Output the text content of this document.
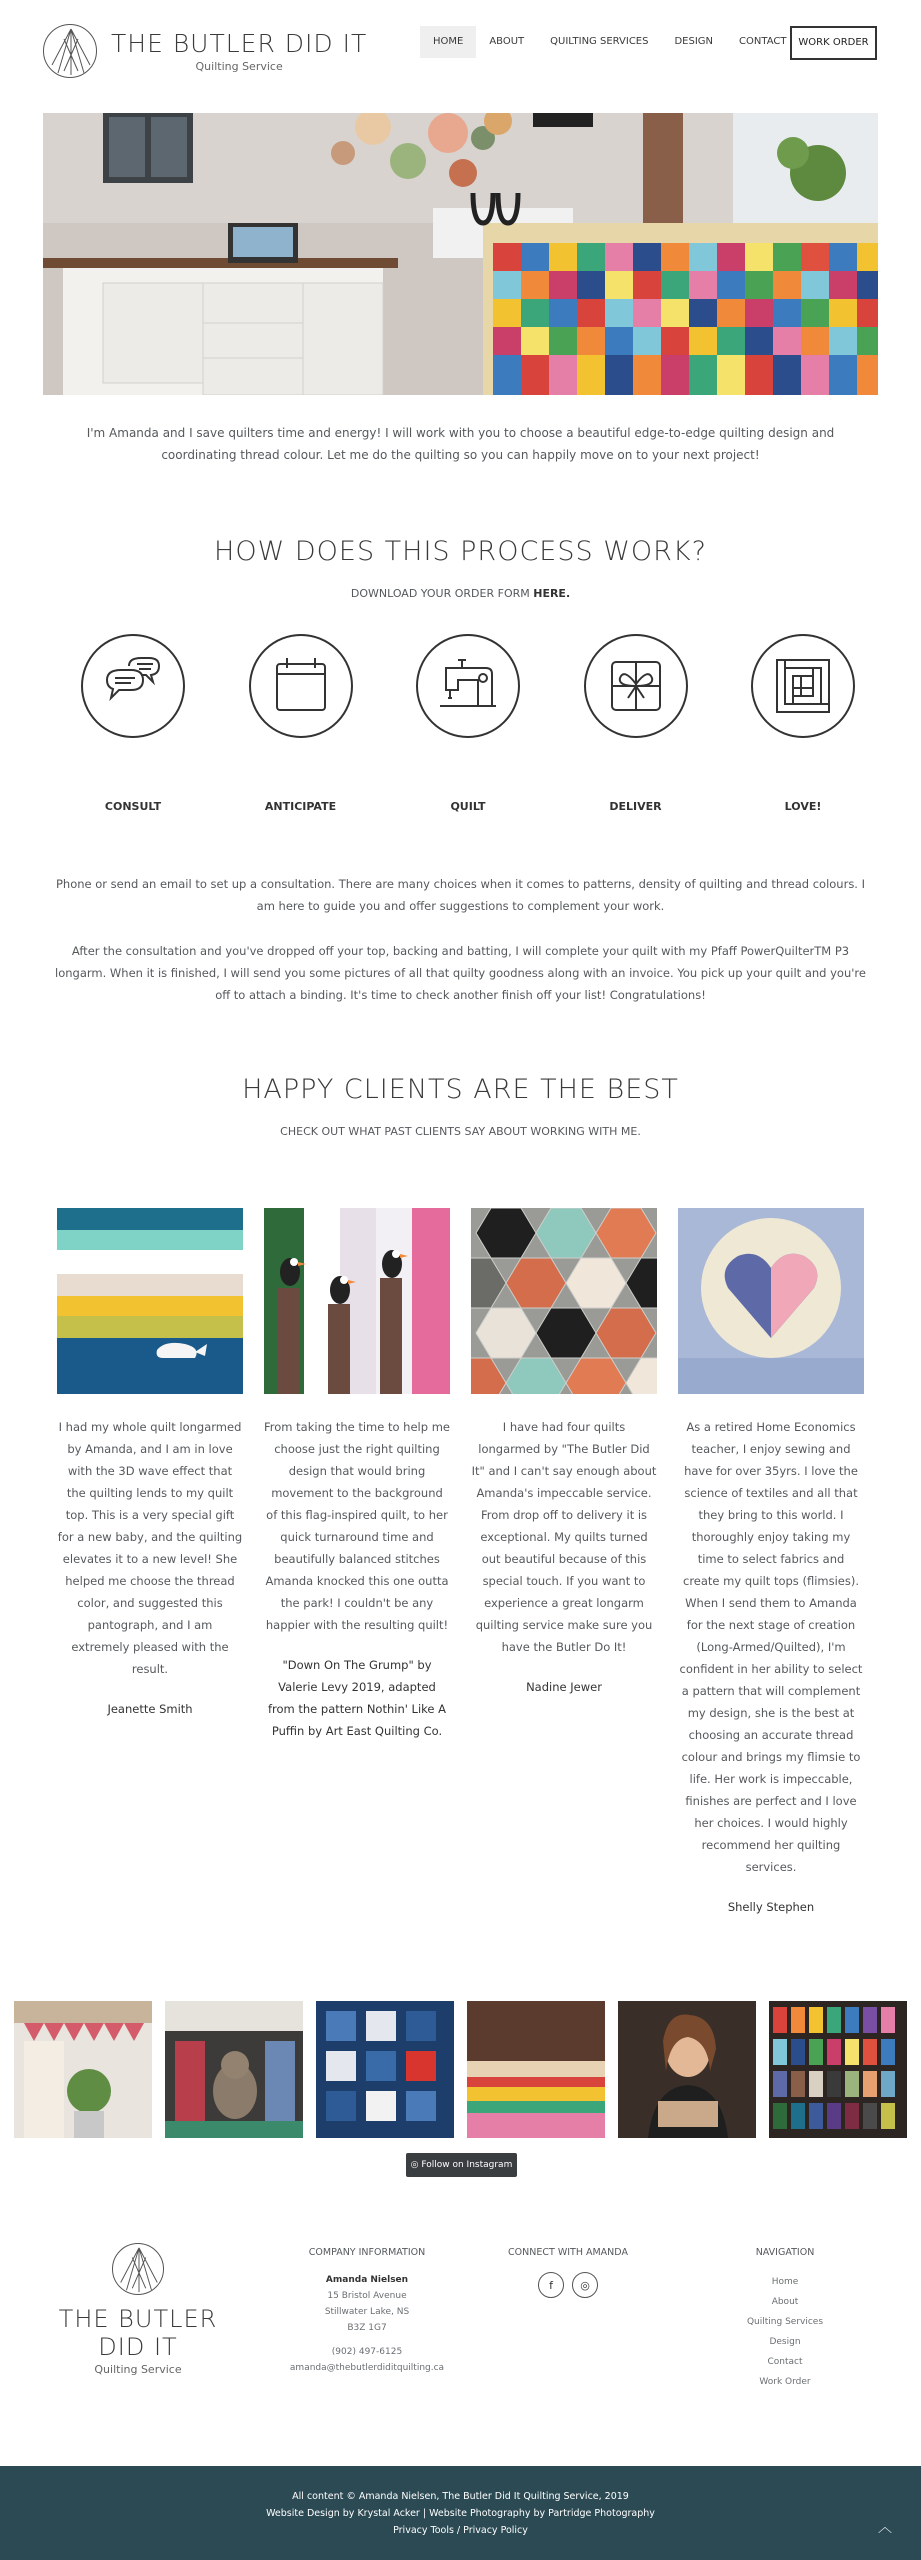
THE BUTLER DID IT
Quilting Service
HOME	ABOUT	QUILTING SERVICES	DESIGN	CONTACT	WORK ORDER

I'm Amanda and I save quilters time and energy! I will work with you to choose a beautiful edge-to-edge quilting design and coordinating thread colour. Let me do the quilting so you can happily move on to your next project!

HOW DOES THIS PROCESS WORK?

DOWNLOAD YOUR ORDER FORM HERE.

CONSULT	ANTICIPATE	QUILT	DELIVER	LOVE!

Phone or send an email to set up a consultation. There are many choices when it comes to patterns, density of quilting and thread colours. I am here to guide you and offer suggestions to complement your work.

After the consultation and you've dropped off your top, backing and batting, I will complete your quilt with my Pfaff PowerQuilterTM P3 longarm. When it is finished, I will send you some pictures of all that quilty goodness along with an invoice. You pick up your quilt and you're off to attach a binding. It's time to check another finish off your list! Congratulations!

HAPPY CLIENTS ARE THE BEST

CHECK OUT WHAT PAST CLIENTS SAY ABOUT WORKING WITH ME.

I had my whole quilt longarmed by Amanda, and I am in love with the 3D wave effect that the quilting lends to my quilt top. This is a very special gift for a new baby, and the quilting elevates it to a new level! She helped me choose the thread color, and suggested this pantograph, and I am extremely pleased with the result.

Jeanette Smith

From taking the time to help me choose just the right quilting design that would bring movement to the background of this flag-inspired quilt, to her quick turnaround time and beautifully balanced stitches Amanda knocked this one outta the park! I couldn't be any happier with the resulting quilt!

"Down On The Grump" by Valerie Levy 2019, adapted from the pattern Nothin' Like A Puffin by Art East Quilting Co.

I have had four quilts longarmed by "The Butler Did It" and I can't say enough about Amanda's impeccable service. From drop off to delivery it is exceptional. My quilts turned out beautiful because of this special touch. If you want to experience a great longarm quilting service make sure you have the Butler Do It!

Nadine Jewer

As a retired Home Economics teacher, I enjoy sewing and have for over 35yrs. I love the science of textiles and all that they bring to this world. I thoroughly enjoy taking my time to select fabrics and create my quilt tops (flimsies). When I send them to Amanda for the next stage of creation (Long-Armed/Quilted), I'm confident in her ability to select a pattern that will complement my design, she is the best at choosing an accurate thread colour and brings my flimsie to life. Her work is impeccable, finishes are perfect and I love her choices. I would highly recommend her quilting services.

Shelly Stephen

◎ Follow on Instagram
THE BUTLER DID IT
Quilting Service
COMPANY INFORMATION
Amanda Nielsen
15 Bristol Avenue
Stillwater Lake, NS
B3Z 1G7
(902) 497-6125
amanda@thebutlerdiditquilting.ca
CONNECT WITH AMANDA
f	◎
NAVIGATION
Home
About
Quilting Services
Design
Contact
Work Order
All content © Amanda Nielsen, The Butler Did It Quilting Service, 2019
Website Design by Krystal Acker | Website Photography by Partridge Photography
Privacy Tools / Privacy Policy	︿
